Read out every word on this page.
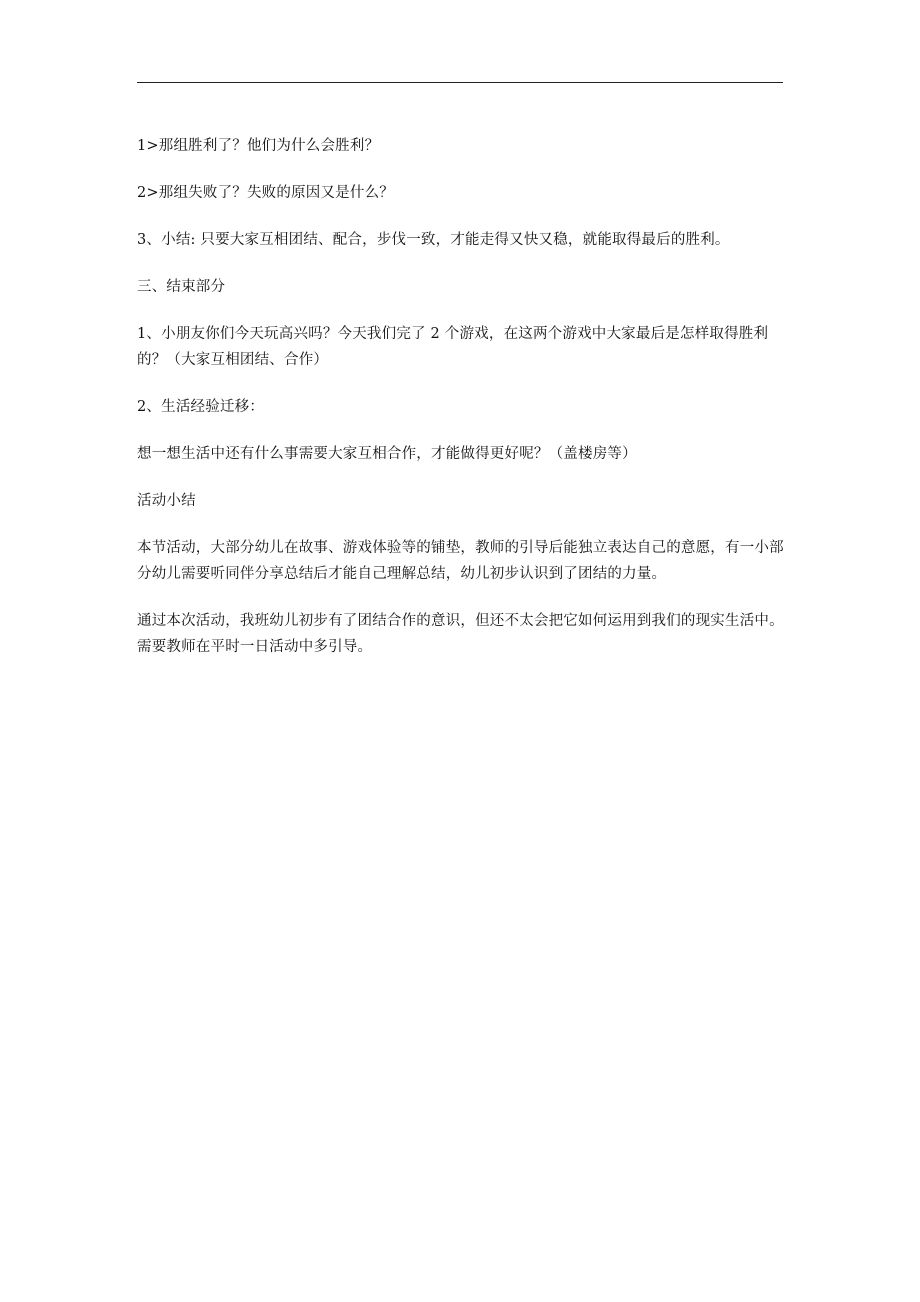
1>那组胜利了？他们为什么会胜利？

2>那组失败了？失败的原因又是什么？

3、小结: 只要大家互相团结、配合，步伐一致，才能走得又快又稳，就能取得最后的胜利。

三、结束部分

1、小朋友你们今天玩高兴吗？今天我们完了 2 个游戏，在这两个游戏中大家最后是怎样取得胜利的？（大家互相团结、合作）

2、生活经验迁移：

想一想生活中还有什么事需要大家互相合作，才能做得更好呢？（盖楼房等）

活动小结

本节活动，大部分幼儿在故事、游戏体验等的铺垫，教师的引导后能独立表达自己的意愿，有一小部分幼儿需要听同伴分享总结后才能自己理解总结，幼儿初步认识到了团结的力量。

通过本次活动，我班幼儿初步有了团结合作的意识，但还不太会把它如何运用到我们的现实生活中。需要教师在平时一日活动中多引导。
